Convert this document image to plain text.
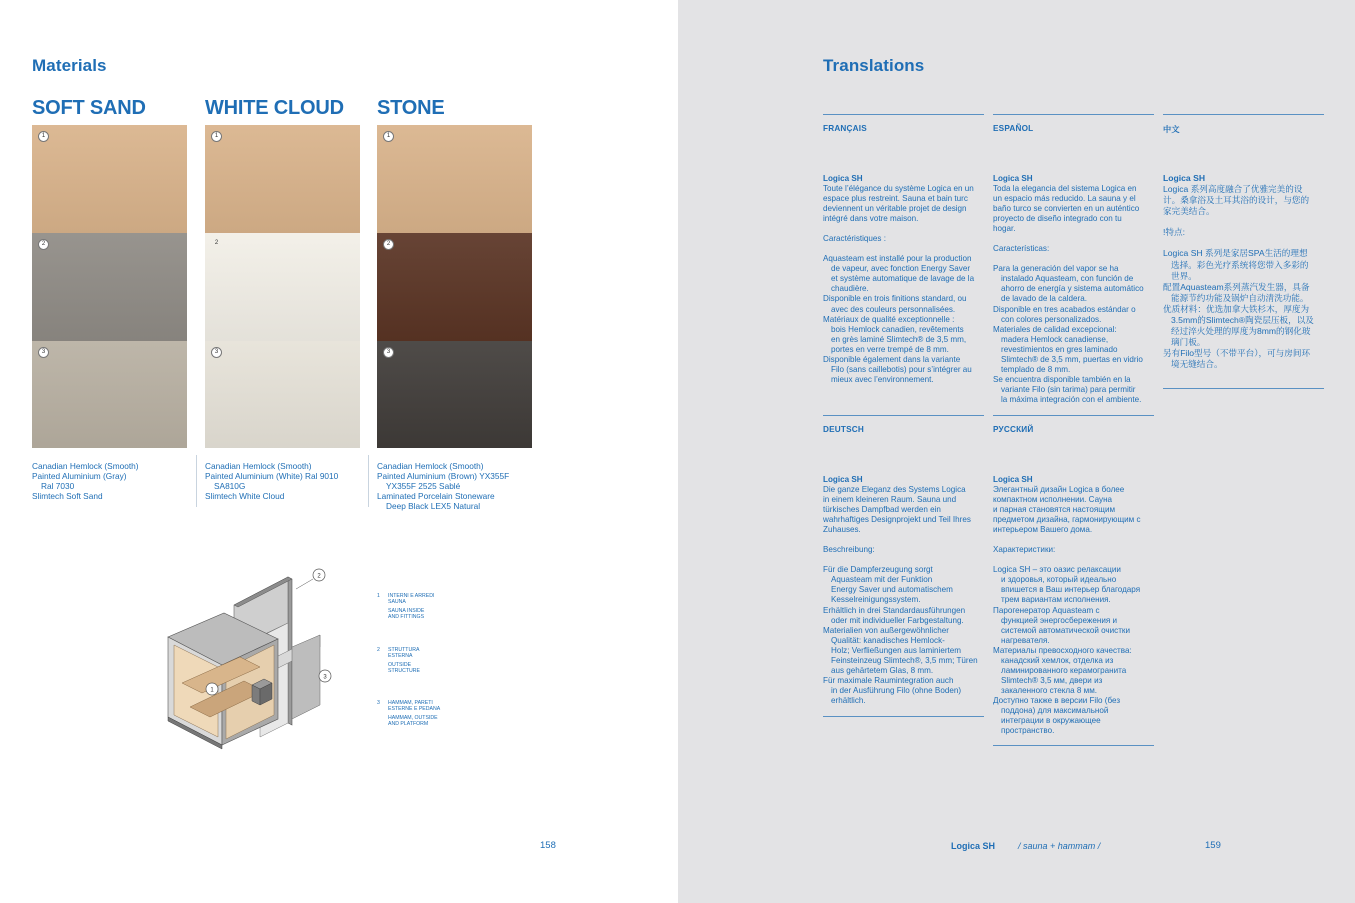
Materials
SOFT SAND	WHITE CLOUD STONE
1
2
3
1
2
3
1
2
3
Canadian Hemlock (Smooth)
Painted Aluminium (Gray)
Ral 7030
Slimtech Soft Sand
Canadian Hemlock (Smooth)
Painted Aluminium (White) Ral 9010
SA810G
Slimtech White Cloud
Canadian Hemlock (Smooth)
Painted Aluminium (Brown) YX355F
YX355F 2525 Sablé
Laminated Porcelain Stoneware
Deep Black LEX5 Natural
2
1
3
1	INTERNI E ARREDI
SAUNA
SAUNA INSIDE
AND FITTINGS
2	STRUTTURA
ESTERNA
OUTSIDE
STRUCTURE
3	HAMMAM, PARETI
ESTERNE E PEDANA
HAMMAM, OUTSIDE
AND PLATFORM
158
Translations
FRANÇAIS	ESPAÑOL	中文
Logica SH
Toute l’élégance du système Logica en un
espace plus restreint. Sauna et bain turc
deviennent un véritable projet de design
intégré dans votre maison.
Caractéristiques :
Aquasteam est installé pour la production
de vapeur, avec fonction Energy Saver
et système automatique de lavage de la
chaudière.
Disponible en trois finitions standard, ou
avec des couleurs personnalisées.
Matériaux de qualité exceptionnelle :
bois Hemlock canadien, revêtements
en grès laminé Slimtech® de 3,5 mm,
portes en verre trempé de 8 mm.
Disponible également dans la variante
Filo (sans caillebotis) pour s’intégrer au
mieux avec l’environnement.
Logica SH
Toda la elegancia del sistema Logica en
un espacio más reducido. La sauna y el
baño turco se convierten en un auténtico
proyecto de diseño integrado con tu
hogar.
Características:
Para la generación del vapor se ha
instalado Aquasteam, con función de
ahorro de energía y sistema automático
de lavado de la caldera.
Disponible en tres acabados estándar o
con colores personalizados.
Materiales de calidad excepcional:
madera Hemlock canadiense,
revestimientos en gres laminado
Slimtech® de 3,5 mm, puertas en vidrio
templado de 8 mm.
Se encuentra disponible también en la
variante Filo (sin tarima) para permitir
la máxima integración con el ambiente.
Logica SH
Logica 系列高度融合了优雅完美的设
计。桑拿浴及土耳其浴的设计，与您的
家完美结合。
!特点:
Logica SH 系列是家居SPA生活的理想
选择。彩色光疗系统将您带入多彩的
世界。
配置Aquasteam系列蒸汽发生器，具备
能源节约功能及锅炉自动清洗功能。
优质材料：优选加拿大铁杉木，厚度为
3.5mm的Slimtech®陶瓷层压板，以及
经过淬火处理的厚度为8mm的钢化玻
璃门板。
另有Filo型号（不带平台），可与房间环
境无缝结合。
DEUTSCH	РУССКИЙ
Logica SH
Die ganze Eleganz des Systems Logica
in einem kleineren Raum. Sauna und
türkisches Dampfbad werden ein
wahrhaftiges Designprojekt und Teil Ihres
Zuhauses.
Beschreibung:
Für die Dampferzeugung sorgt
Aquasteam mit der Funktion
Energy Saver und automatischem
Kesselreinigungssystem.
Erhältlich in drei Standardausführungen
oder mit individueller Farbgestaltung.
Materialien von außergewöhnlicher
Qualität: kanadisches Hemlock-
Holz; Verfließungen aus laminiertem
Feinsteinzeug Slimtech®, 3,5 mm; Türen
aus gehärtetem Glas, 8 mm.
Für maximale Raumintegration auch
in der Ausführung Filo (ohne Boden)
erhältlich.
Logica SH
Элегантный дизайн Logica в более
компактном исполнении. Сауна
и парная становятся настоящим
предметом дизайна, гармонирующим с
интерьером Вашего дома.
Характеристики:
Logica SH – это оазис релаксации
и здоровья, который идеально
впишется в Ваш интерьер благодаря
трем вариантам исполнения.
Парогенератор Aquasteam с
функцией энергосбережения и
системой автоматической очистки
нагревателя.
Материалы превосходного качества:
канадский хемлок, отделка из
ламинированного керамогранита
Slimtech® 3,5 мм, двери из
закаленного стекла 8 мм.
Доступно также в версии Filo (без
поддона) для максимальной
интеграции в окружающее
пространство.
Logica SH	/ sauna + hammam /	159
